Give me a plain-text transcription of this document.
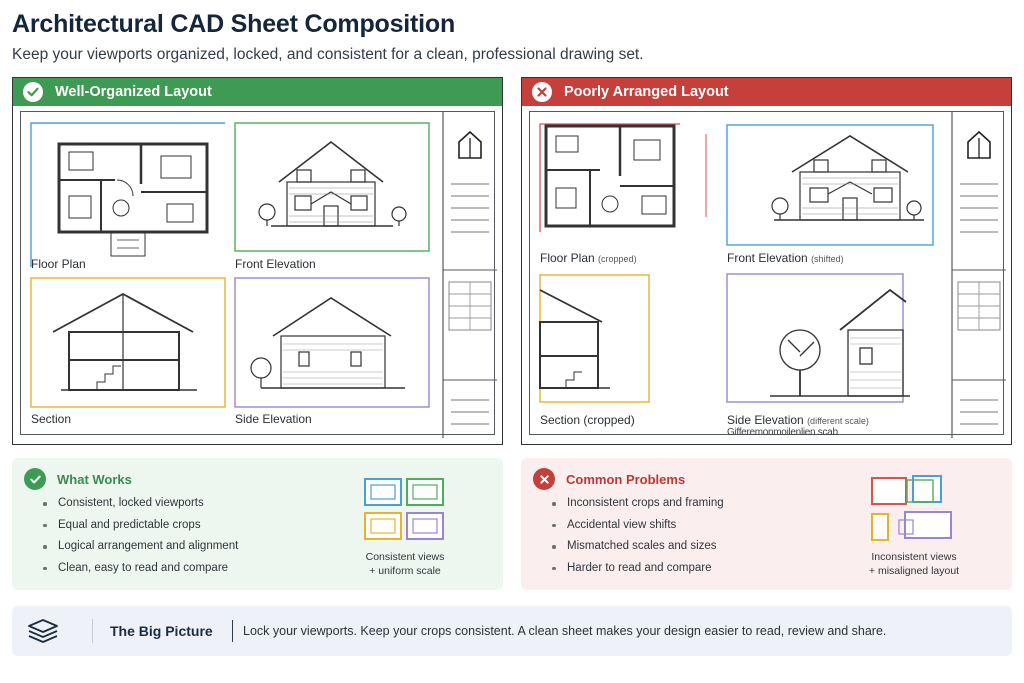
Architectural CAD Sheet Composition
Keep your viewports organized, locked, and consistent for a clean, professional drawing set.
Well-Organized Layout
Floor Plan	Front Elevation
Section	Side Elevation
Poorly Arranged Layout
Floor Plan (cropped)	Front Elevation (shifted)
Section (cropped)	Side Elevation (different scale)
Gifferemonmoilenlien scab
What Works
Consistent, locked viewports
Equal and predictable crops
Logical arrangement and alignment
Clean, easy to read and compare
Consistent views
+ uniform scale
Common Problems
Inconsistent crops and framing
Accidental view shifts
Mismatched scales and sizes
Harder to read and compare
Inconsistent views
+ misaligned layout
The Big Picture Lock your viewports. Keep your crops consistent. A clean sheet makes your design easier to read, review and share.
